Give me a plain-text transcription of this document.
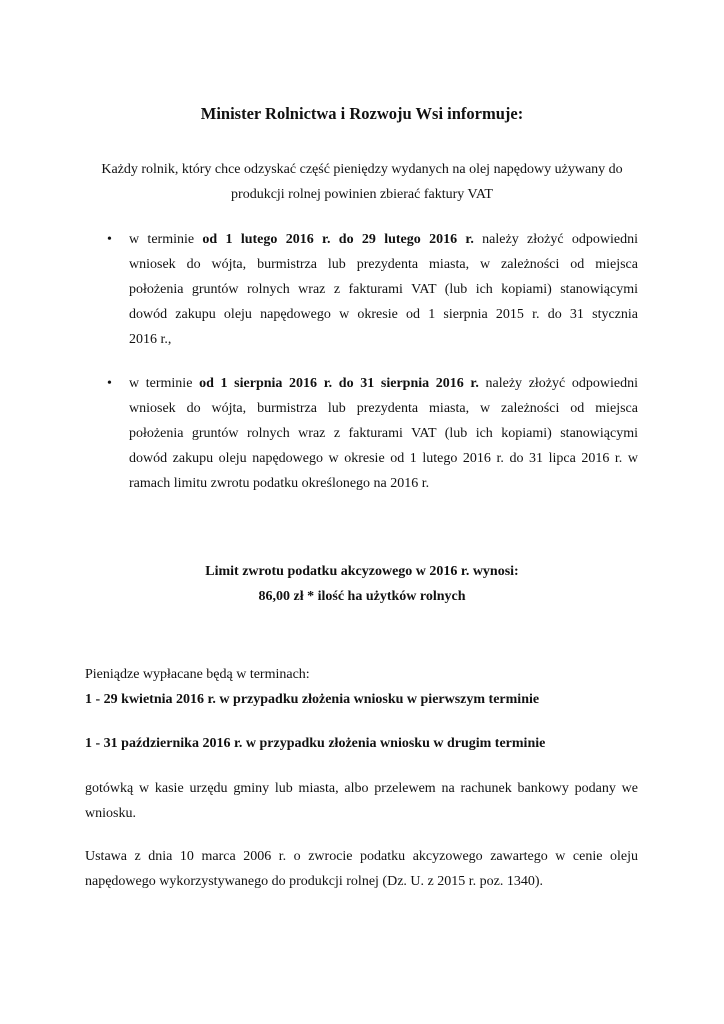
Minister Rolnictwa i Rozwoju Wsi informuje:
Każdy rolnik, który chce odzyskać część pieniędzy wydanych na olej napędowy używany do
produkcji rolnej powinien zbierać faktury VAT
• w terminie od 1 lutego 2016 r. do 29 lutego 2016 r. należy złożyć odpowiedni
wniosek do wójta, burmistrza lub prezydenta miasta, w zależności od miejsca
położenia gruntów rolnych wraz z fakturami VAT (lub ich kopiami) stanowiącymi
dowód zakupu oleju napędowego w okresie od 1 sierpnia 2015 r. do 31 stycznia
2016 r.,
• w terminie od 1 sierpnia 2016 r. do 31 sierpnia 2016 r. należy złożyć odpowiedni
wniosek do wójta, burmistrza lub prezydenta miasta, w zależności od miejsca
położenia gruntów rolnych wraz z fakturami VAT (lub ich kopiami) stanowiącymi
dowód zakupu oleju napędowego w okresie od 1 lutego 2016 r. do 31 lipca 2016 r. w
ramach limitu zwrotu podatku określonego na 2016 r.
Limit zwrotu podatku akcyzowego w 2016 r. wynosi:
86,00 zł * ilość ha użytków rolnych
Pieniądze wypłacane będą w terminach:
1 - 29 kwietnia 2016 r. w przypadku złożenia wniosku w pierwszym terminie
1 - 31 października 2016 r. w przypadku złożenia wniosku w drugim terminie
gotówką w kasie urzędu gminy lub miasta, albo przelewem na rachunek bankowy podany we
wniosku.
Ustawa z dnia 10 marca 2006 r. o zwrocie podatku akcyzowego zawartego w cenie oleju
napędowego wykorzystywanego do produkcji rolnej (Dz. U. z 2015 r. poz. 1340).
